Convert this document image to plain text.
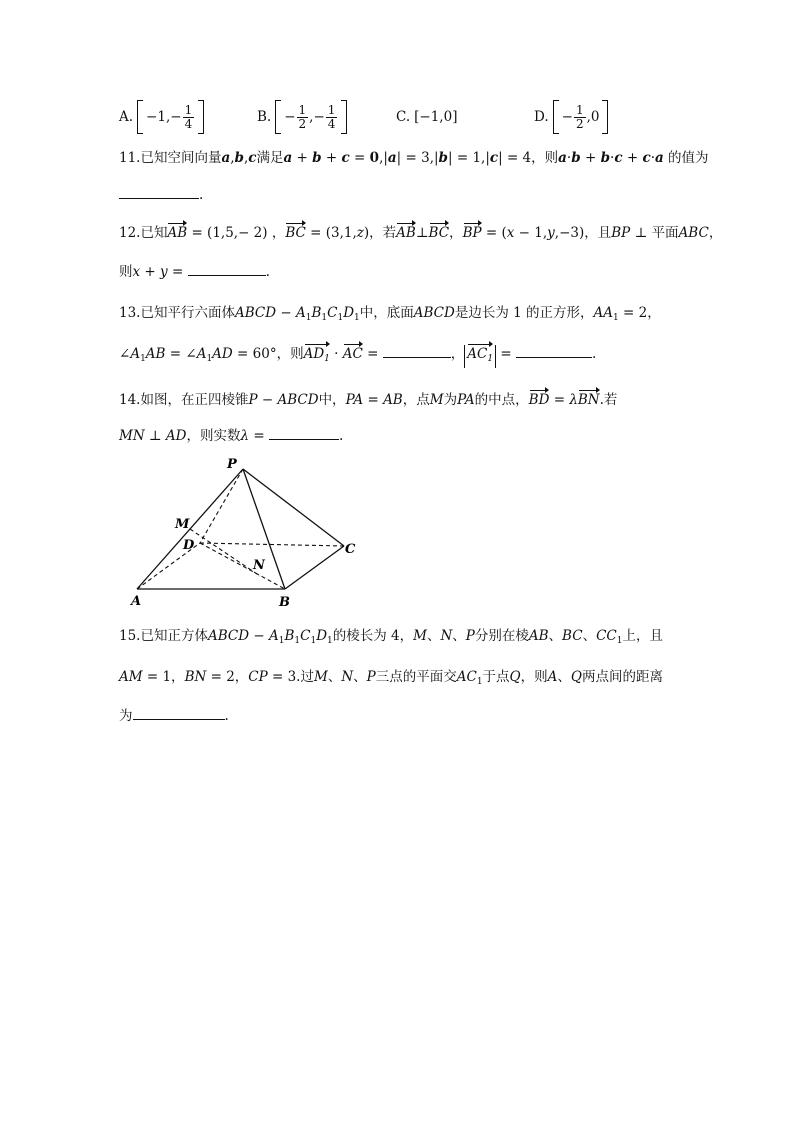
A. $-1,- \frac{1}{4}$	B. − $\frac{1}{2}$ ,− $\frac{1}{4}$	C. [−1,0]	D. − $\frac{1}{2} ,0$
11.已知空间向量a,b,c满足a + b + c = 0,|a| = 3,|b| = 1,|c| = 4，则a·b + b·c + c·a 的值为
.
12.已知AB = (1,5,− 2) ，BC = (3,1,z)，若AB⊥BC，BP = (x − 1,y,−3)，且BP ⊥ 平面ABC，
则x + y =	.
13.已知平行六面体ABCD − $A_1B_1C_1D_1$中，底面ABCD是边长为 1 的正方形，$AA_1 = 2$，
$\angle A_1AB$ = $\angle A_1AD = 60^\circ$，则$AD_1$ · AC =	， $AC_1$ =	.
14.如图，在正四棱锥P − ABCD中，PA = AB，点M为PA的中点，BD = λBN.若
MN ⊥ AD，则实数λ =	.
P
M
D	C
N
A	B
15.已知正方体ABCD − $A_1B_1C_1D_1$的棱长为 4，M、N、P分别在棱AB、BC、$CC_1$上，且
AM = 1，BN = 2，CP = 3.过M、N、P三点的平面交$AC_1$于点Q，则A、Q两点间的距离
为	.
